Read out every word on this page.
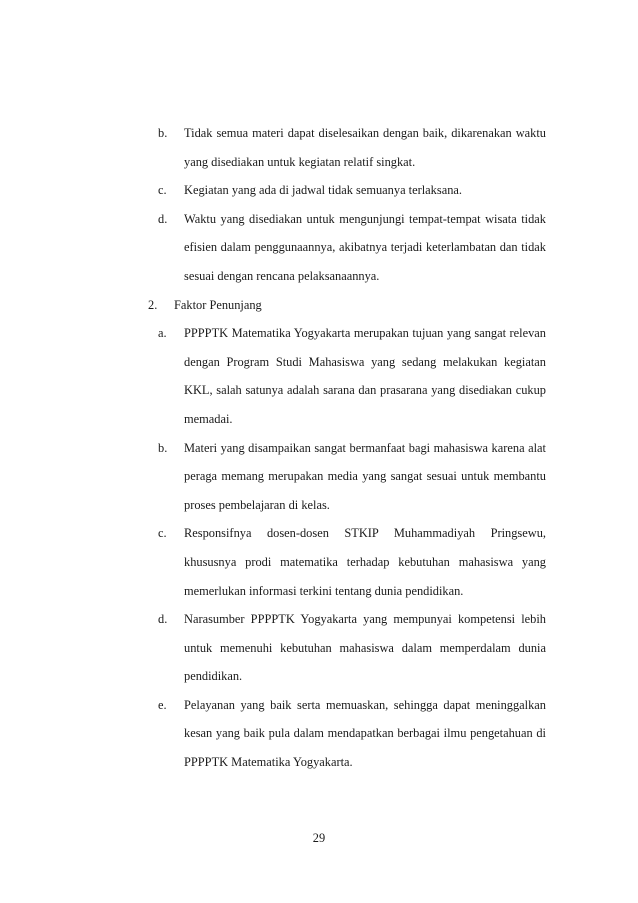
b.	Tidak semua materi dapat diselesaikan dengan baik, dikarenakan waktu yang disediakan untuk kegiatan relatif singkat.
c.	Kegiatan yang ada di jadwal tidak semuanya terlaksana.
d.	Waktu yang disediakan untuk mengunjungi tempat-tempat wisata tidak efisien dalam penggunaannya, akibatnya terjadi keterlambatan dan tidak sesuai dengan rencana pelaksanaannya.
2.	Faktor Penunjang
a.	PPPPTK Matematika Yogyakarta merupakan tujuan yang sangat relevan dengan Program Studi Mahasiswa yang sedang melakukan kegiatan KKL, salah satunya adalah sarana dan prasarana yang disediakan cukup memadai.
b.	Materi yang disampaikan sangat bermanfaat bagi mahasiswa karena alat peraga memang merupakan media yang sangat sesuai untuk membantu proses pembelajaran di kelas.
c.	Responsifnya dosen-dosen STKIP Muhammadiyah Pringsewu, khususnya prodi matematika terhadap kebutuhan mahasiswa yang memerlukan informasi terkini tentang dunia pendidikan.
d.	Narasumber PPPPTK Yogyakarta yang mempunyai kompetensi lebih untuk memenuhi kebutuhan mahasiswa dalam memperdalam dunia pendidikan.
e.	Pelayanan yang baik serta memuaskan, sehingga dapat meninggalkan kesan yang baik pula dalam mendapatkan berbagai ilmu pengetahuan di PPPPTK Matematika Yogyakarta.
29
